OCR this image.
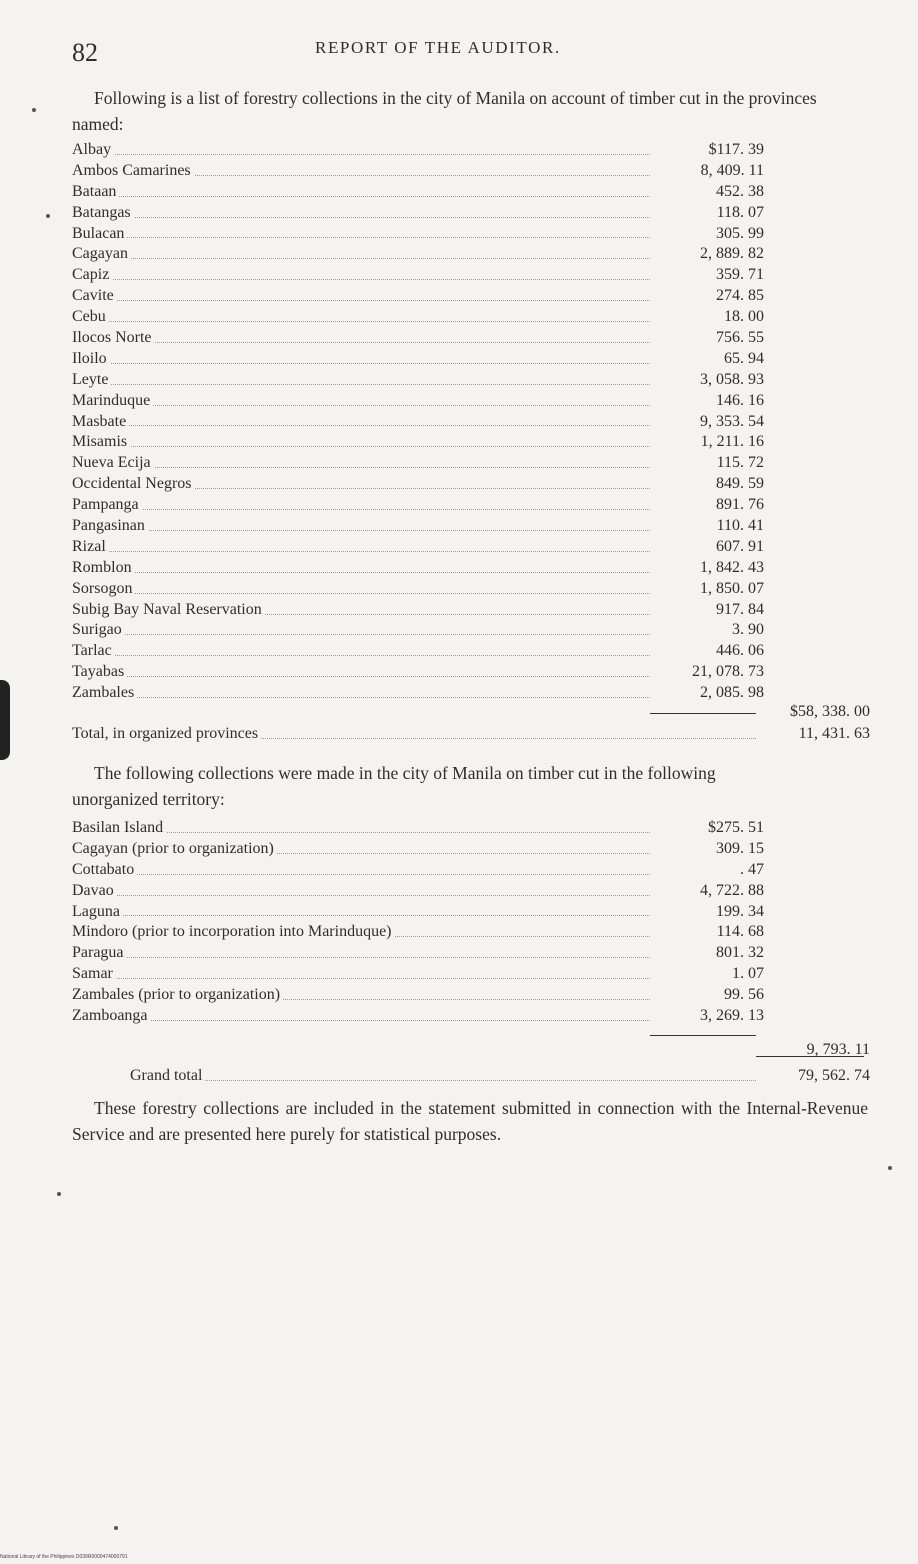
82	REPORT OF THE AUDITOR.

Following is a list of forestry collections in the city of Manila on account of timber cut in the provinces named:

Albay	$117. 39
Ambos Camarines	8, 409. 11
Bataan	452. 38
Batangas	118. 07
Bulacan	305. 99
Cagayan	2, 889. 82
Capiz	359. 71
Cavite	274. 85
Cebu	18. 00
Ilocos Norte	756. 55
Iloilo	65. 94
Leyte	3, 058. 93
Marinduque	146. 16
Masbate	9, 353. 54
Misamis	1, 211. 16
Nueva Ecija	115. 72
Occidental Negros	849. 59
Pampanga	891. 76
Pangasinan	110. 41
Rizal	607. 91
Romblon	1, 842. 43
Sorsogon	1, 850. 07
Subig Bay Naval Reservation	917. 84
Surigao	3. 90
Tarlac	446. 06
Tayabas	21, 078. 73
Zambales	2, 085. 98
$58, 338. 00
Total, in organized provinces	11, 431. 63

The following collections were made in the city of Manila on timber cut in the following unorganized territory:

Basilan Island	$275. 51
Cagayan (prior to organization)	309. 15
Cottabato	. 47
Davao	4, 722. 88
Laguna	199. 34
Mindoro (prior to incorporation into Marinduque)	114. 68
Paragua	801. 32
Samar	1. 07
Zambales (prior to organization)	99. 56
Zamboanga	3, 269. 13
9, 793. 11
Grand total	79, 562. 74

These forestry collections are included in the statement submitted in connection with the Internal-Revenue Service and are presented here purely for statistical purposes.

National Library of the Philippines D039R0000474000791
